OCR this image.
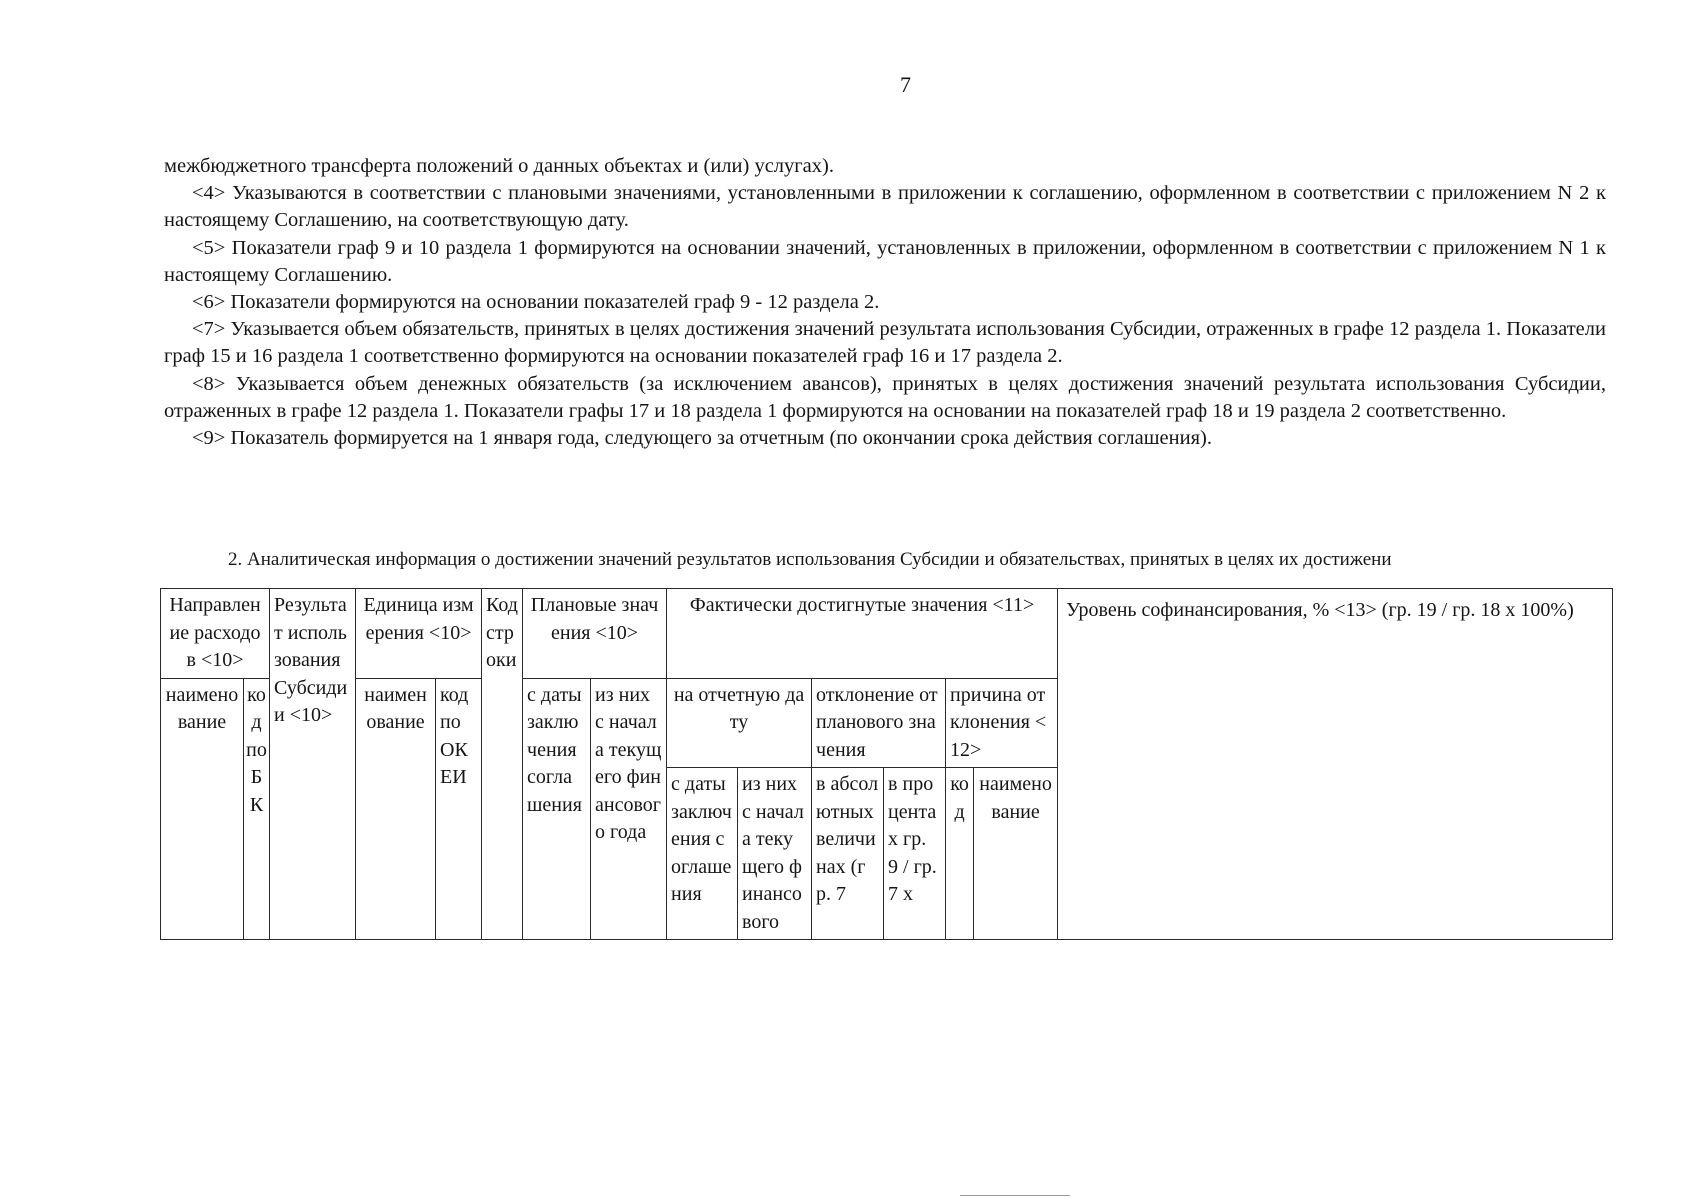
7

межбюджетного трансферта положений о данных объектах и (или) услугах).

<4> Указываются в соответствии с плановыми значениями, установленными в приложении к соглашению, оформленном в соответствии с приложением N 2 к настоящему Соглашению, на соответствующую дату.

<5> Показатели граф 9 и 10 раздела 1 формируются на основании значений, установленных в приложении, оформленном в соответствии с приложением N 1 к настоящему Соглашению.

<6> Показатели формируются на основании показателей граф 9 - 12 раздела 2.

<7> Указывается объем обязательств, принятых в целях достижения значений результата использования Субсидии, отраженных в графе 12 раздела 1. Показатели граф 15 и 16 раздела 1 соответственно формируются на основании показателей граф 16 и 17 раздела 2.

<8> Указывается объем денежных обязательств (за исключением авансов), принятых в целях достижения значений результата использования Субсидии, отраженных в графе 12 раздела 1. Показатели графы 17 и 18 раздела 1 формируются на основании на показателей граф 18 и 19 раздела 2 соответственно.

<9> Показатель формируется на 1 января года, следующего за отчетным (по окончании срока действия соглашения).

2. Аналитическая информация о достижении значений результатов использования Субсидии и обязательствах, принятых в целях их достижени
Направление расходов <10>		Результат использования Субсидии <10>	Единица измерения <10>		Код строки	Плановые значения <10>		Фактически достигнутые значения <11>						Уровень софинансирования, % <13> (гр. 19 / гр. 18 х 100%)
наименование	код по БК		наименование	код по ОКЕИ		с даты заключения соглашения	из них с начала текущего финансового года	на отчетную дату		отклонение от планового значения		причина отклонения <12>		
								с даты заключения соглашения	из них с начала текущего финансового	в абсолютных величинах (гр. 7	в процентах гр. 9 / гр. 7 х	код	наименование	
